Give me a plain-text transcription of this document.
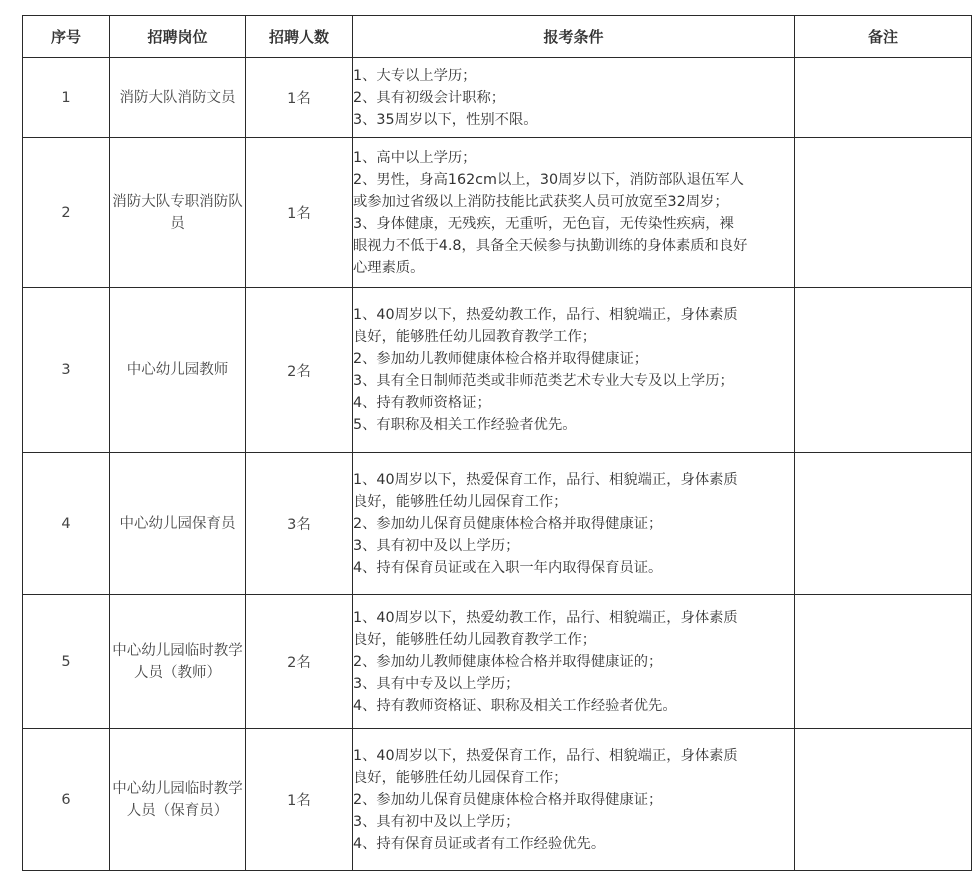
序号	招聘岗位	招聘人数	报考条件	备注
1	消防大队消防文员	1名	1、大专以上学历；
2、具有初级会计职称；
3、35周岁以下，性别不限。	

2	消防大队专职消防队员	1名	
1、高中以上学历；
2、男性，身高162cm以上，30周岁以下，消防部队退伍军人
或参加过省级以上消防技能比武获奖人员可放宽至32周岁；
3、身体健康，无残疾，无重听，无色盲，无传染性疾病，裸
眼视力不低于4.8，具备全天候参与执勤训练的身体素质和良好
心理素质。

3	中心幼儿园教师	2名	
1、40周岁以下，热爱幼教工作，品行、相貌端正，身体素质
良好，能够胜任幼儿园教育教学工作；
2、参加幼儿教师健康体检合格并取得健康证；
3、具有全日制师范类或非师范类艺术专业大专及以上学历；
4、持有教师资格证；
5、有职称及相关工作经验者优先。

4	中心幼儿园保育员	3名	1、40周岁以下，热爱保育工作，品行、相貌端正，身体素质
良好，能够胜任幼儿园保育工作；
2、参加幼儿保育员健康体检合格并取得健康证；
3、具有初中及以上学历；
4、持有保育员证或在入职一年内取得保育员证。	

5	中心幼儿园临时教学人员（教师）	2名	1、40周岁以下，热爱幼教工作，品行、相貌端正，身体素质
良好，能够胜任幼儿园教育教学工作；
2、参加幼儿教师健康体检合格并取得健康证的；
3、具有中专及以上学历；
4、持有教师资格证、职称及相关工作经验者优先。	

6	中心幼儿园临时教学人员（保育员）	1名	1、40周岁以下，热爱保育工作，品行、相貌端正，身体素质
良好，能够胜任幼儿园保育工作；
2、参加幼儿保育员健康体检合格并取得健康证；
3、具有初中及以上学历；
4、持有保育员证或者有工作经验优先。	
